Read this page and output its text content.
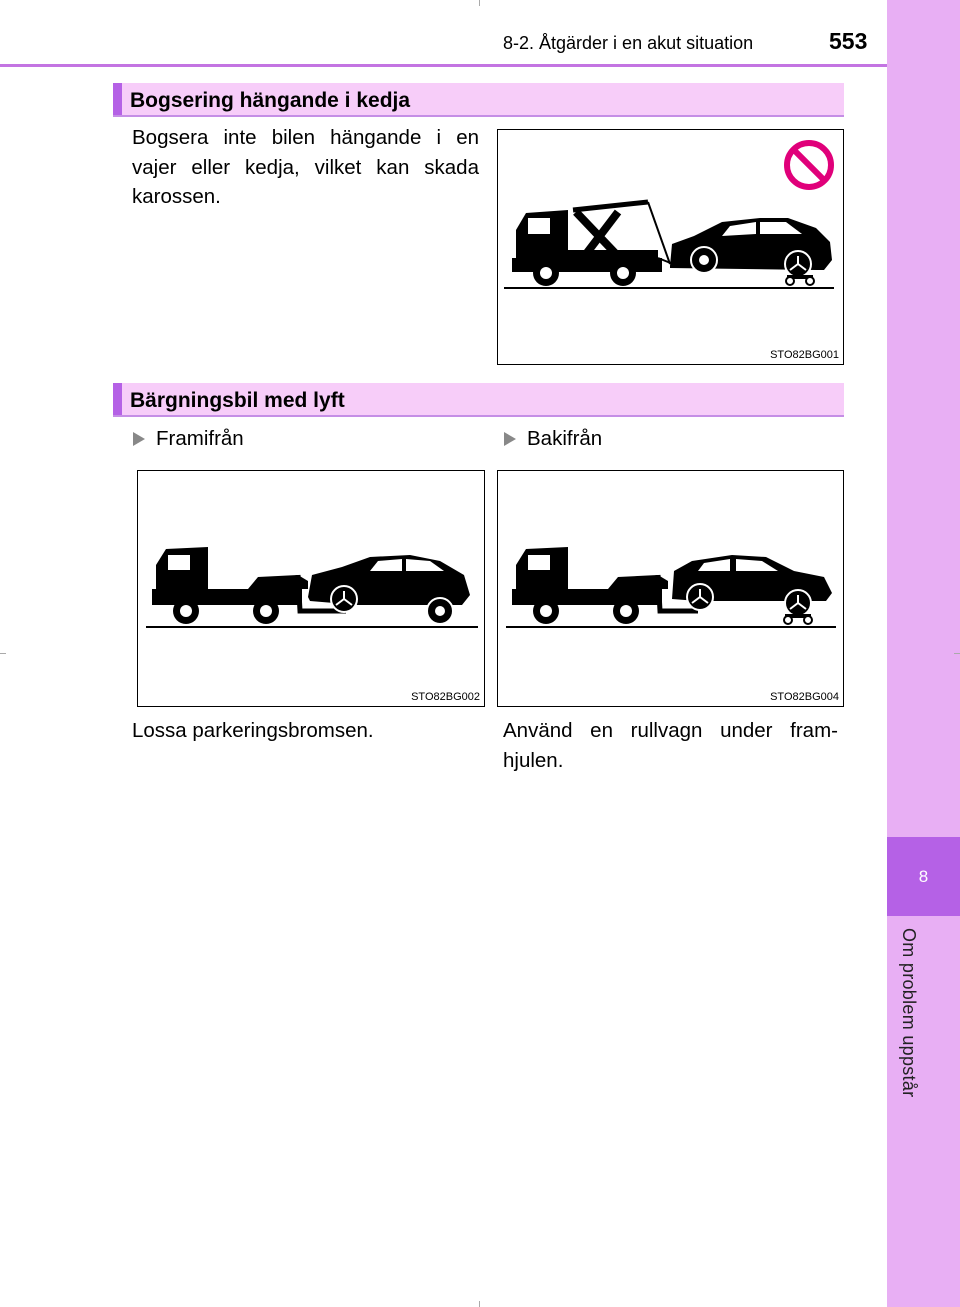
8
Om problem uppstår
8-2. Åtgärder i en akut situation	553
Bogsering hängande i kedja
Bogsera inte bilen hängande i en vajer eller kedja, vilket kan skada karossen.
STO82BG001
Bärgningsbil med lyft
Framifrån	Bakifrån
STO82BG002	STO82BG004
Lossa parkeringsbromsen.	Använd en rullvagn under fram-hjulen.
